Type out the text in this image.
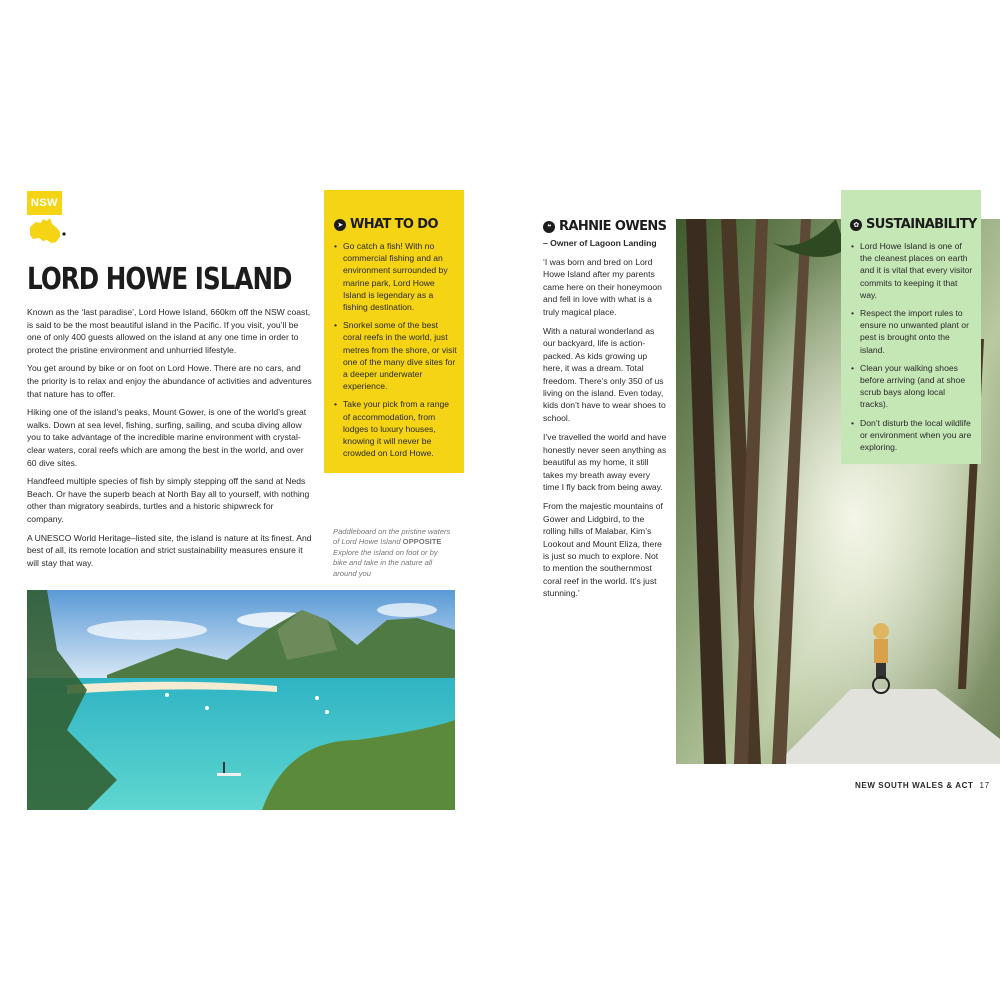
NSW
LORD HOWE ISLAND

Known as the ‘last paradise’, Lord Howe Island, 660km off the NSW coast, is said to be the most beautiful island in the Pacific. If you visit, you’ll be one of only 400 guests allowed on the island at any one time in order to protect the pristine environment and unhurried lifestyle.

You get around by bike or on foot on Lord Howe. There are no cars, and the priority is to relax and enjoy the abundance of activities and adventures that nature has to offer.

Hiking one of the island’s peaks, Mount Gower, is one of the world’s great walks. Down at sea level, fishing, surfing, sailing, and scuba diving allow you to take advantage of the incredible marine environment with crystal-clear waters, coral reefs which are among the best in the world, and over 60 dive sites.

Handfeed multiple species of fish by simply stepping off the sand at Neds Beach. Or have the superb beach at North Bay all to yourself, with nothing other than migratory seabirds, turtles and a historic shipwreck for company.

A UNESCO World Heritage–listed site, the island is nature at its finest. And best of all, its remote location and strict sustainability measures ensure it will stay that way.

➤ WHAT TO DO
• Go catch a fish! With no commercial fishing and an environment surrounded by marine park, Lord Howe Island is legendary as a fishing destination.
• Snorkel some of the best coral reefs in the world, just metres from the shore, or visit one of the many dive sites for a deeper underwater experience.
• Take your pick from a range of accommodation, from lodges to luxury houses, knowing it will never be crowded on Lord Howe.
Paddleboard on the pristine waters of Lord Howe Island OPPOSITE Explore the island on foot or by bike and take in the nature all around you
❝ RAHNIE OWENS
– Owner of Lagoon Landing

‘I was born and bred on Lord Howe Island after my parents came here on their honeymoon and fell in love with what is a truly magical place.

With a natural wonderland as our backyard, life is action-packed. As kids growing up here, it was a dream. Total freedom. There’s only 350 of us living on the island. Even today, kids don’t have to wear shoes to school.

I’ve travelled the world and have honestly never seen anything as beautiful as my home, it still takes my breath away every time I fly back from being away.

From the majestic mountains of Gower and Lidgbird, to the rolling hills of Malabar, Kim’s Lookout and Mount Eliza, there is just so much to explore. Not to mention the southernmost coral reef in the world. It’s just stunning.’

✿ SUSTAINABILITY
• Lord Howe Island is one of the cleanest places on earth and it is vital that every visitor commits to keeping it that way.
• Respect the import rules to ensure no unwanted plant or pest is brought onto the island.
• Clean your walking shoes before arriving (and at shoe scrub bays along local tracks).
• Don’t disturb the local wildlife or environment when you are exploring.
NEW SOUTH WALES & ACT 17
